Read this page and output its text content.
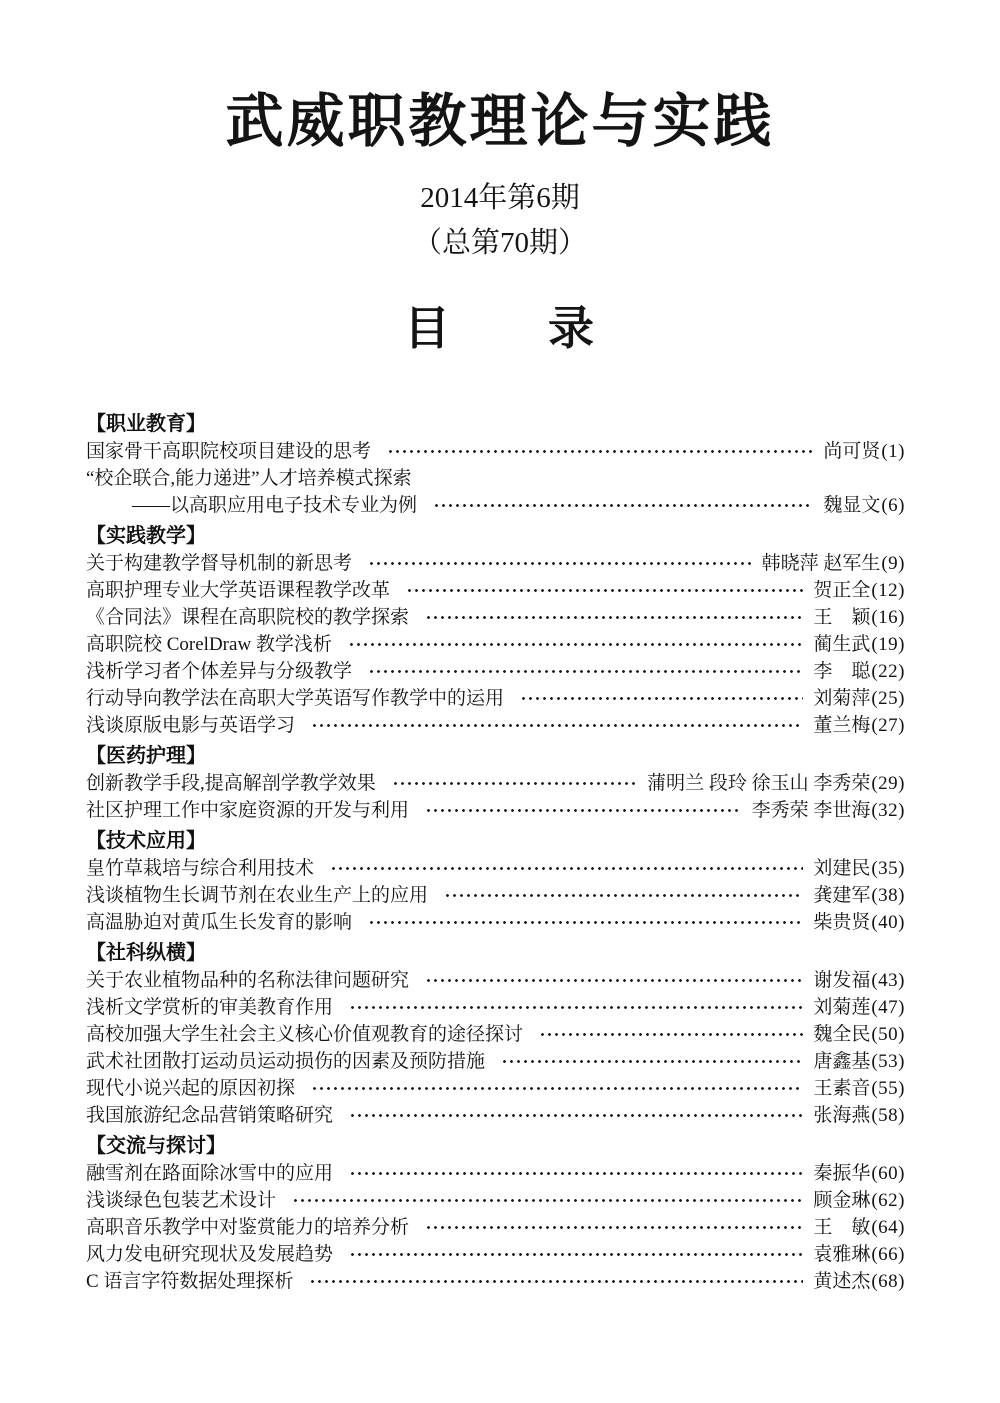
武威职教理论与实践
2014年第6期
（总第70期）
目　　录
【职业教育】
国家骨干高职院校项目建设的思考	尚可贤 (1)
“校企联合,能力递进”人才培养模式探索
——以高职应用电子技术专业为例	魏显文 (6)
【实践教学】
关于构建教学督导机制的新思考	韩晓萍 赵军生 (9)
高职护理专业大学英语课程教学改革	贺正全 (12)
《合同法》课程在高职院校的教学探索	王　颖 (16)
高职院校 CorelDraw 教学浅析	蔺生武 (19)
浅析学习者个体差异与分级教学	李　聪 (22)
行动导向教学法在高职大学英语写作教学中的运用	刘菊萍 (25)
浅谈原版电影与英语学习	董兰梅 (27)
【医药护理】
创新教学手段,提高解剖学教学效果	蒲明兰 段玲 徐玉山 李秀荣 (29)
社区护理工作中家庭资源的开发与利用	李秀荣 李世海 (32)
【技术应用】
皇竹草栽培与综合利用技术	刘建民 (35)
浅谈植物生长调节剂在农业生产上的应用	龚建军 (38)
高温胁迫对黄瓜生长发育的影响	柴贵贤 (40)
【社科纵横】
关于农业植物品种的名称法律问题研究	谢发福 (43)
浅析文学赏析的审美教育作用	刘菊莲 (47)
高校加强大学生社会主义核心价值观教育的途径探讨	魏全民 (50)
武术社团散打运动员运动损伤的因素及预防措施	唐鑫基 (53)
现代小说兴起的原因初探	王素音 (55)
我国旅游纪念品营销策略研究	张海燕 (58)
【交流与探讨】
融雪剂在路面除冰雪中的应用	秦振华 (60)
浅谈绿色包装艺术设计	顾金琳 (62)
高职音乐教学中对鉴赏能力的培养分析	王　敏 (64)
风力发电研究现状及发展趋势	袁雅琳 (66)
C 语言字符数据处理探析	黄述杰 (68)
